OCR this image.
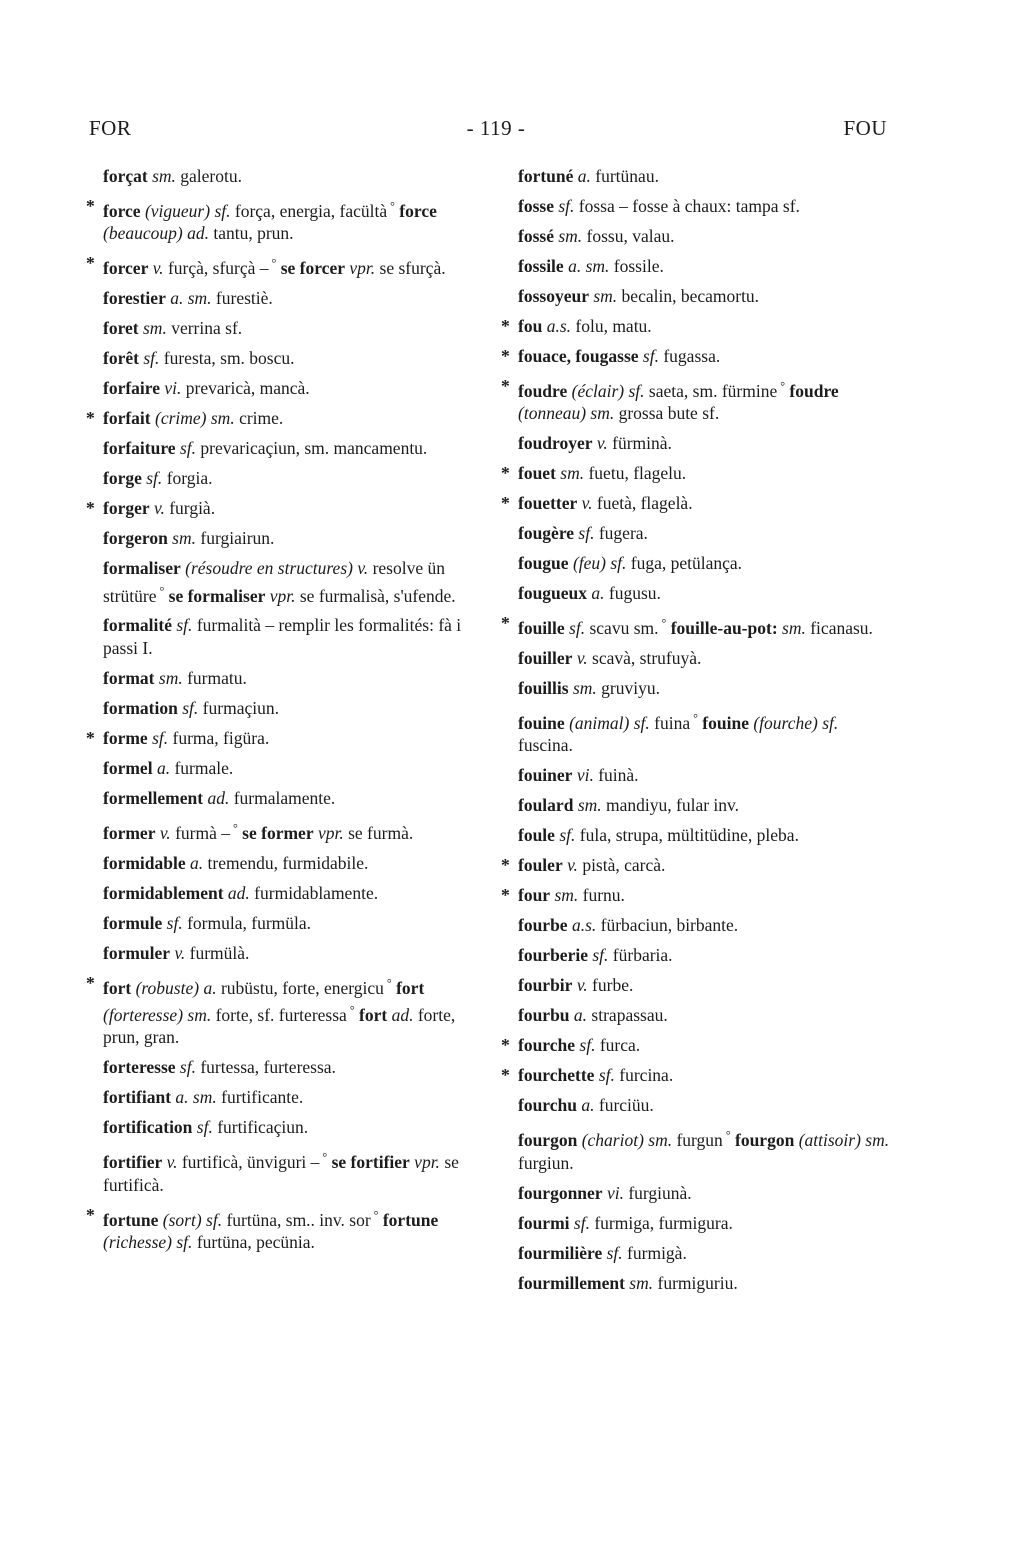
FOR	- 119 -	FOU
forçat sm. galerotu.
* force (vigueur) sf. força, energia, facültà ° force (beaucoup) ad. tantu, prun.
* forcer v. furçà, sfurçà – ° se forcer vpr. se sfurçà.
forestier a. sm. furestiè.
foret sm. verrina sf.
forêt sf. furesta, sm. boscu.
forfaire vi. prevaricà, mancà.
* forfait (crime) sm. crime.
forfaiture sf. prevaricaçiun, sm. mancamentu.
forge sf. forgia.
* forger v. furgià.
forgeron sm. furgiairun.
formaliser (résoudre en structures) v. resolve ün strütüre ° se formaliser vpr. se furmalisà, s'ufende.
formalité sf. furmalità – remplir les formalités: fà i passi I.
format sm. furmatu.
formation sf. furmaçiun.
* forme sf. furma, figüra.
formel a. furmale.
formellement ad. furmalamente.
former v. furmà – ° se former vpr. se furmà.
formidable a. tremendu, furmidabile.
formidablement ad. furmidablamente.
formule sf. formula, furmüla.
formuler v. furmülà.
* fort (robuste) a. rubüstu, forte, energicu ° fort (forteresse) sm. forte, sf. furteressa ° fort ad. forte, prun, gran.
forteresse sf. furtessa, furteressa.
fortifiant a. sm. furtificante.
fortification sf. furtificaçiun.
fortifier v. furtificà, ünviguri – ° se fortifier vpr. se furtificà.
* fortune (sort) sf. furtüna, sm.. inv. sor ° fortune (richesse) sf. furtüna, pecünia.
fortuné a. furtünau.
fosse sf. fossa – fosse à chaux: tampa sf.
fossé sm. fossu, valau.
fossile a. sm. fossile.
fossoyeur sm. becalin, becamortu.
* fou a.s. folu, matu.
* fouace, fougasse sf. fugassa.
* foudre (éclair) sf. saeta, sm. fürmine ° foudre (tonneau) sm. grossa bute sf.
foudroyer v. fürminà.
* fouet sm. fuetu, flagelu.
* fouetter v. fuetà, flagelà.
fougère sf. fugera.
fougue (feu) sf. fuga, petülança.
fougueux a. fugusu.
* fouille sf. scavu sm. ° fouille-au-pot: sm. ficanasu.
fouiller v. scavà, strufuyà.
fouillis sm. gruviyu.
fouine (animal) sf. fuina ° fouine (fourche) sf. fuscina.
fouiner vi. fuinà.
foulard sm. mandiyu, fular inv.
foule sf. fula, strupa, mültitüdine, pleba.
* fouler v. pistà, carcà.
* four sm. furnu.
fourbe a.s. fürbaciun, birbante.
fourberie sf. fürbaria.
fourbir v. furbe.
fourbu a. strapassau.
* fourche sf. furca.
* fourchette sf. furcina.
fourchu a. furciüu.
fourgon (chariot) sm. furgun ° fourgon (attisoir) sm. furgiun.
fourgonner vi. furgiunà.
fourmi sf. furmiga, furmigura.
fourmilière sf. furmigà.
fourmillement sm. furmiguriu.
